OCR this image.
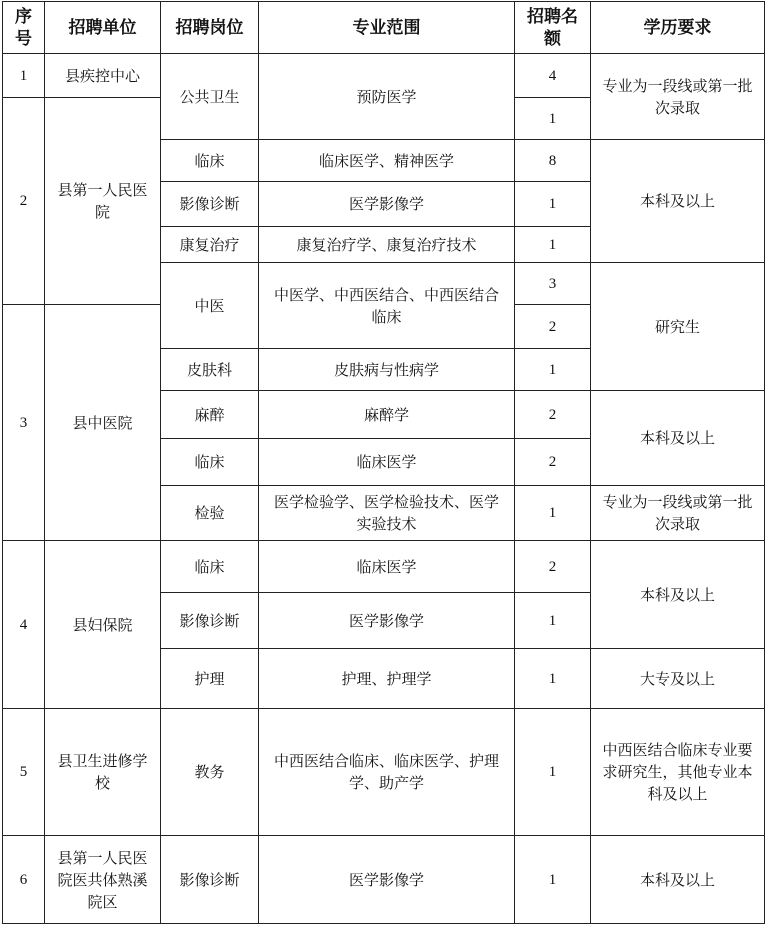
序号	招聘单位	招聘岗位	专业范围	招聘名额	学历要求
1	县疾控中心	公共卫生	预防医学	4	专业为一段线或第一批次录取
2	县第一人民医院			1	
		临床	临床医学、精神医学	8	本科及以上
		影像诊断	医学影像学	1	
		康复治疗	康复治疗学、康复治疗技术	1	
		中医	中医学、中西医结合、中西医结合临床	3	研究生
3	县中医院			2	
		皮肤科	皮肤病与性病学	1	
		麻醉	麻醉学	2	本科及以上
		临床	临床医学	2	
		检验	医学检验学、医学检验技术、医学实验技术	1	专业为一段线或第一批次录取
4	县妇保院	临床	临床医学	2	本科及以上
		影像诊断	医学影像学	1	
		护理	护理、护理学	1	大专及以上
5	县卫生进修学校	教务	中西医结合临床、临床医学、护理学、助产学	1	中西医结合临床专业要求研究生，其他专业本科及以上
6	县第一人民医院医共体熟溪院区	影像诊断	医学影像学	1	本科及以上
